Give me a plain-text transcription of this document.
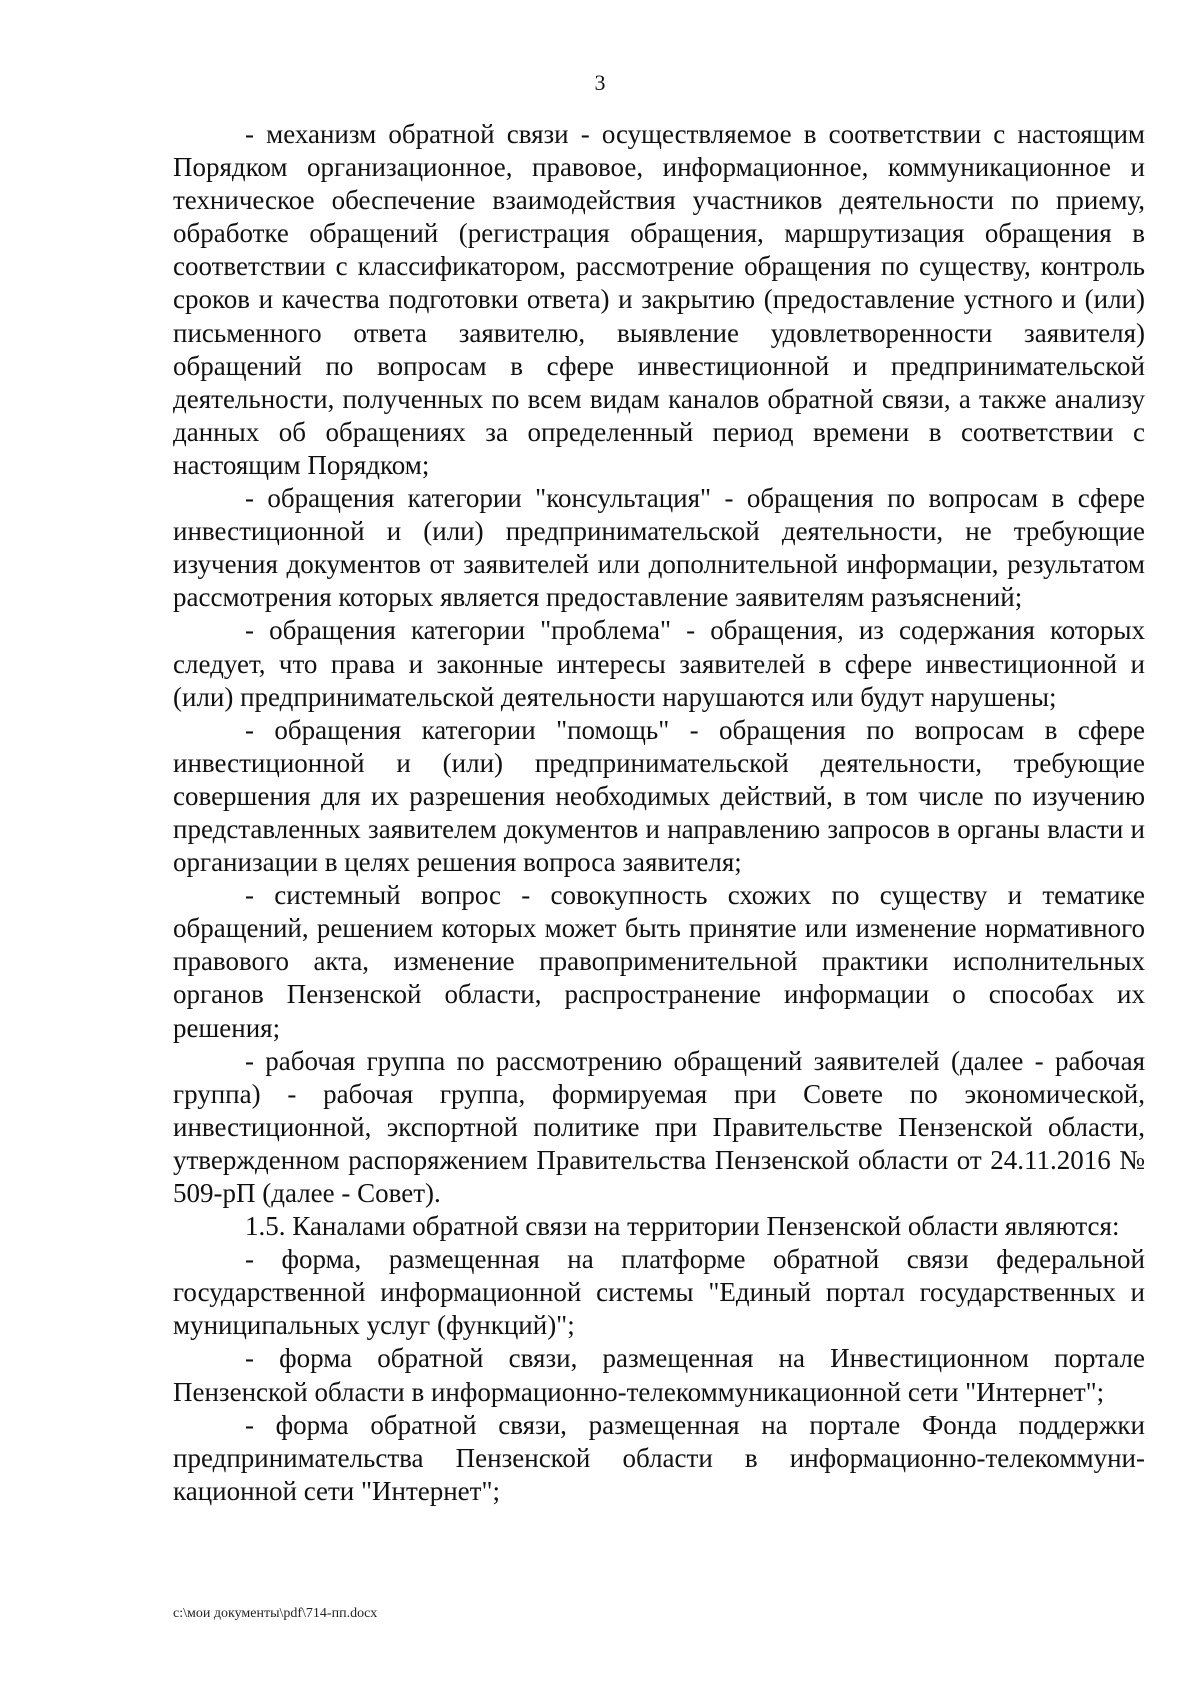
3

- механизм обратной связи - осуществляемое в соответствии с настоящим Порядком организационное, правовое, информационное, коммуникационное и техническое обеспечение взаимодействия участников деятельности по приему, обработке обращений (регистрация обращения, маршрутизация обращения в соответствии с классификатором, рассмотрение обращения по существу, контроль сроков и качества подготовки ответа) и закрытию (предоставление устного и (или) письменного ответа заявителю, выявление удовлетворенности заявителя) обращений по вопросам в сфере инвестиционной и предпринимательской деятельности, полученных по всем видам каналов обратной связи, а также анализу данных об обращениях за определенный период времени в соответствии с настоящим Порядком;

- обращения категории "консультация" - обращения по вопросам в сфере инвестиционной и (или) предпринимательской деятельности, не требующие изучения документов от заявителей или дополнительной информации, результатом рассмотрения которых является предоставление заявителям разъяснений;

- обращения категории "проблема" - обращения, из содержания которых следует, что права и законные интересы заявителей в сфере инвестиционной и (или) предпринимательской деятельности нарушаются или будут нарушены;

- обращения категории "помощь" - обращения по вопросам в сфере инвестиционной и (или) предпринимательской деятельности, требующие совершения для их разрешения необходимых действий, в том числе по изучению представленных заявителем документов и направлению запросов в органы власти и организации в целях решения вопроса заявителя;

- системный вопрос - совокупность схожих по существу и тематике обращений, решением которых может быть принятие или изменение нормативного правового акта, изменение правоприменительной практики исполнительных органов Пензенской области, распространение информации о способах их решения;

- рабочая группа по рассмотрению обращений заявителей (далее - рабочая группа) - рабочая группа, формируемая при Совете по экономической, инвестиционной, экспортной политике при Правительстве Пензенской области, утвержденном распоряжением Правительства Пензенской области от 24.11.2016 № 509-рП (далее - Совет).

1.5. Каналами обратной связи на территории Пензенской области являются:

- форма, размещенная на платформе обратной связи федеральной государственной информационной системы "Единый портал государственных и муниципальных услуг (функций)";

- форма обратной связи, размещенная на Инвестиционном портале Пензенской области в информационно-телекоммуникационной сети "Интернет";

- форма обратной связи, размещенная на портале Фонда поддержки предпринимательства Пензенской области в информационно-телекоммуникационной сети "Интернет";

c:\мои документы\pdf\714-пп.docx
